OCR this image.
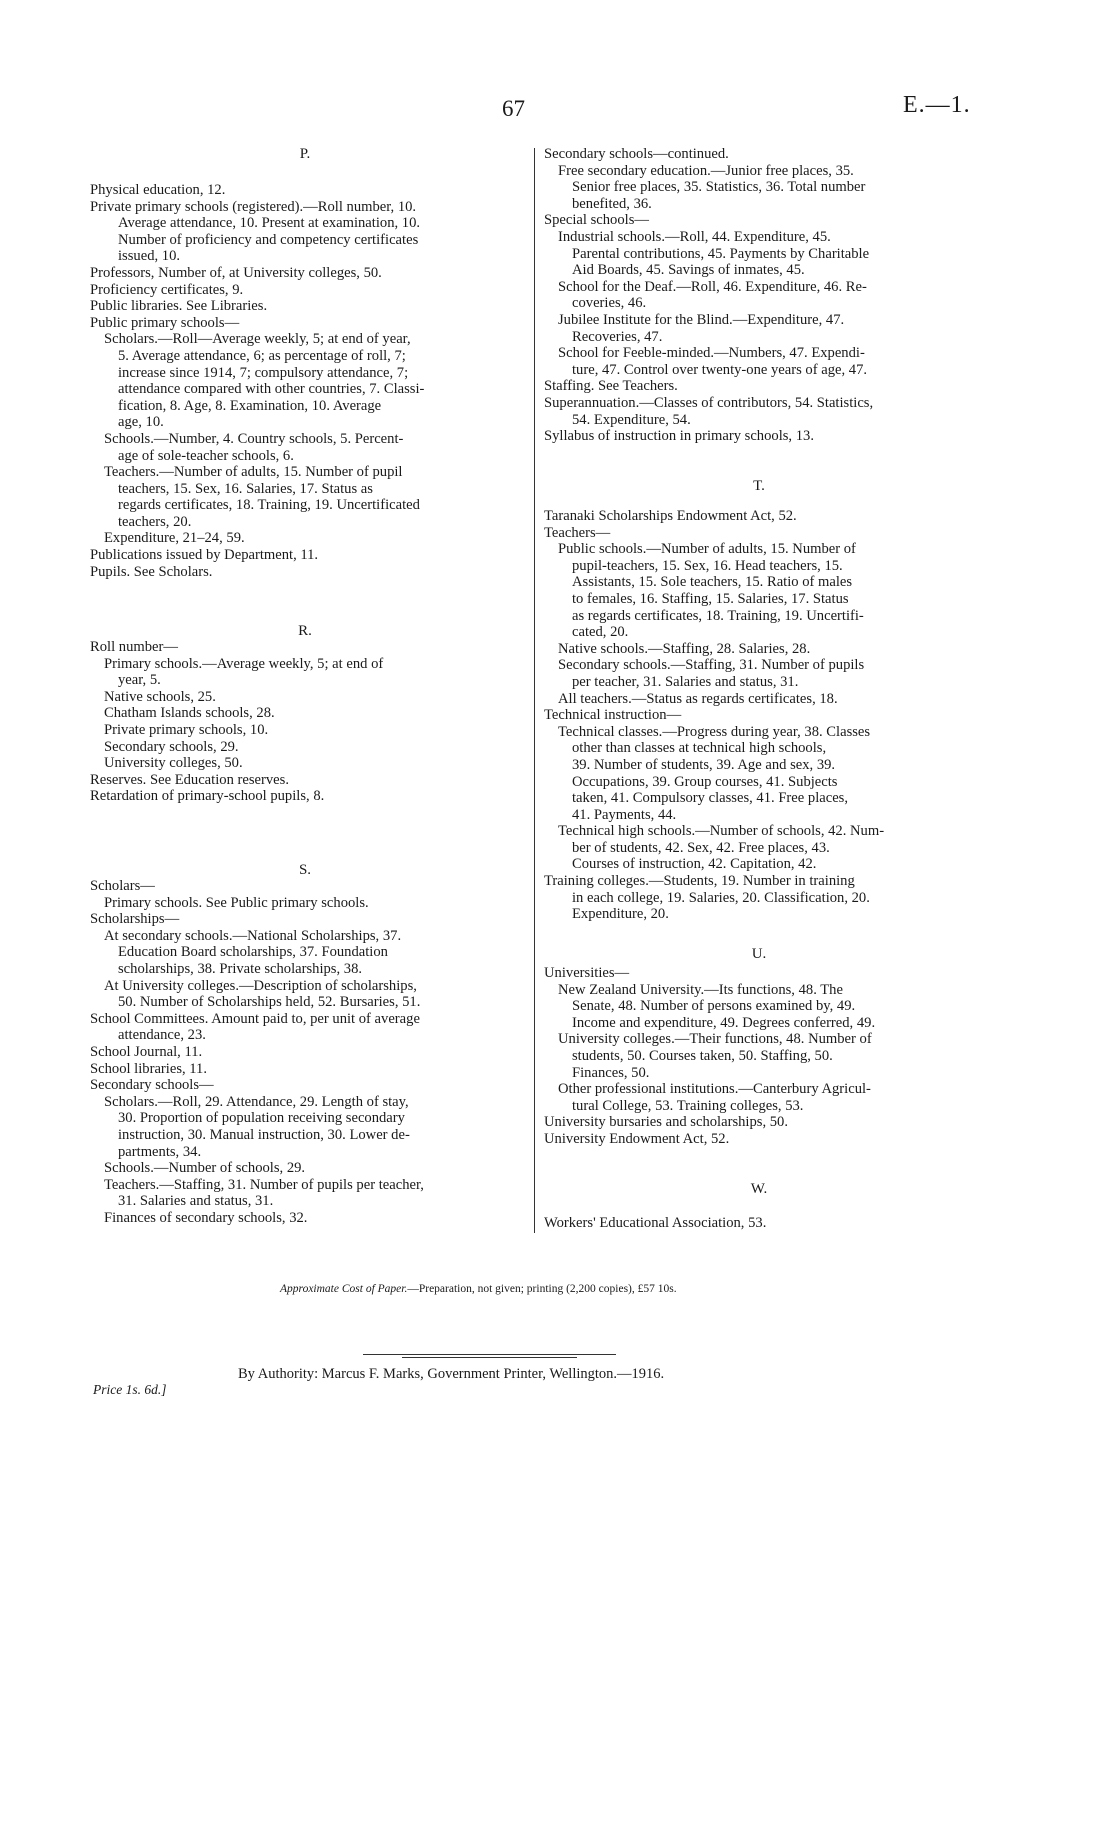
67	E.—1.
P.
Physical education, 12.
Private primary schools (registered).—Roll number, 10.
Average attendance, 10. Present at examination, 10.
Number of proficiency and competency certificates
issued, 10.
Professors, Number of, at University colleges, 50.
Proficiency certificates, 9.
Public libraries. See Libraries.
Public primary schools—
Scholars.—Roll—Average weekly, 5; at end of year,
5. Average attendance, 6; as percentage of roll, 7;
increase since 1914, 7; compulsory attendance, 7;
attendance compared with other countries, 7. Classi-
fication, 8. Age, 8. Examination, 10. Average
age, 10.
Schools.—Number, 4. Country schools, 5. Percent-
age of sole-teacher schools, 6.
Teachers.—Number of adults, 15. Number of pupil
teachers, 15. Sex, 16. Salaries, 17. Status as
regards certificates, 18. Training, 19. Uncertificated
teachers, 20.
Expenditure, 21–24, 59.
Publications issued by Department, 11.
Pupils. See Scholars.
R.
Roll number—
Primary schools.—Average weekly, 5; at end of
year, 5.
Native schools, 25.
Chatham Islands schools, 28.
Private primary schools, 10.
Secondary schools, 29.
University colleges, 50.
Reserves. See Education reserves.
Retardation of primary-school pupils, 8.
S.
Scholars—
Primary schools. See Public primary schools.
Scholarships—
At secondary schools.—National Scholarships, 37.
Education Board scholarships, 37. Foundation
scholarships, 38. Private scholarships, 38.
At University colleges.—Description of scholarships,
50. Number of Scholarships held, 52. Bursaries, 51.
School Committees. Amount paid to, per unit of average
attendance, 23.
School Journal, 11.
School libraries, 11.
Secondary schools—
Scholars.—Roll, 29. Attendance, 29. Length of stay,
30. Proportion of population receiving secondary
instruction, 30. Manual instruction, 30. Lower de-
partments, 34.
Schools.—Number of schools, 29.
Teachers.—Staffing, 31. Number of pupils per teacher,
31. Salaries and status, 31.
Finances of secondary schools, 32.
Secondary schools—continued.
Free secondary education.—Junior free places, 35.
Senior free places, 35. Statistics, 36. Total number
benefited, 36.
Special schools—
Industrial schools.—Roll, 44. Expenditure, 45.
Parental contributions, 45. Payments by Charitable
Aid Boards, 45. Savings of inmates, 45.
School for the Deaf.—Roll, 46. Expenditure, 46. Re-
coveries, 46.
Jubilee Institute for the Blind.—Expenditure, 47.
Recoveries, 47.
School for Feeble-minded.—Numbers, 47. Expendi-
ture, 47. Control over twenty-one years of age, 47.
Staffing. See Teachers.
Superannuation.—Classes of contributors, 54. Statistics,
54. Expenditure, 54.
Syllabus of instruction in primary schools, 13.
T.
Taranaki Scholarships Endowment Act, 52.
Teachers—
Public schools.—Number of adults, 15. Number of
pupil-teachers, 15. Sex, 16. Head teachers, 15.
Assistants, 15. Sole teachers, 15. Ratio of males
to females, 16. Staffing, 15. Salaries, 17. Status
as regards certificates, 18. Training, 19. Uncertifi-
cated, 20.
Native schools.—Staffing, 28. Salaries, 28.
Secondary schools.—Staffing, 31. Number of pupils
per teacher, 31. Salaries and status, 31.
All teachers.—Status as regards certificates, 18.
Technical instruction—
Technical classes.—Progress during year, 38. Classes
other than classes at technical high schools,
39. Number of students, 39. Age and sex, 39.
Occupations, 39. Group courses, 41. Subjects
taken, 41. Compulsory classes, 41. Free places,
41. Payments, 44.
Technical high schools.—Number of schools, 42. Num-
ber of students, 42. Sex, 42. Free places, 43.
Courses of instruction, 42. Capitation, 42.
Training colleges.—Students, 19. Number in training
in each college, 19. Salaries, 20. Classification, 20.
Expenditure, 20.
U.
Universities—
New Zealand University.—Its functions, 48. The
Senate, 48. Number of persons examined by, 49.
Income and expenditure, 49. Degrees conferred, 49.
University colleges.—Their functions, 48. Number of
students, 50. Courses taken, 50. Staffing, 50.
Finances, 50.
Other professional institutions.—Canterbury Agricul-
tural College, 53. Training colleges, 53.
University bursaries and scholarships, 50.
University Endowment Act, 52.
W.
Workers' Educational Association, 53.
Approximate Cost of Paper.—Preparation, not given; printing (2,200 copies), £57 10s.
By Authority: Marcus F. Marks, Government Printer, Wellington.—1916.
Price 1s. 6d.]
